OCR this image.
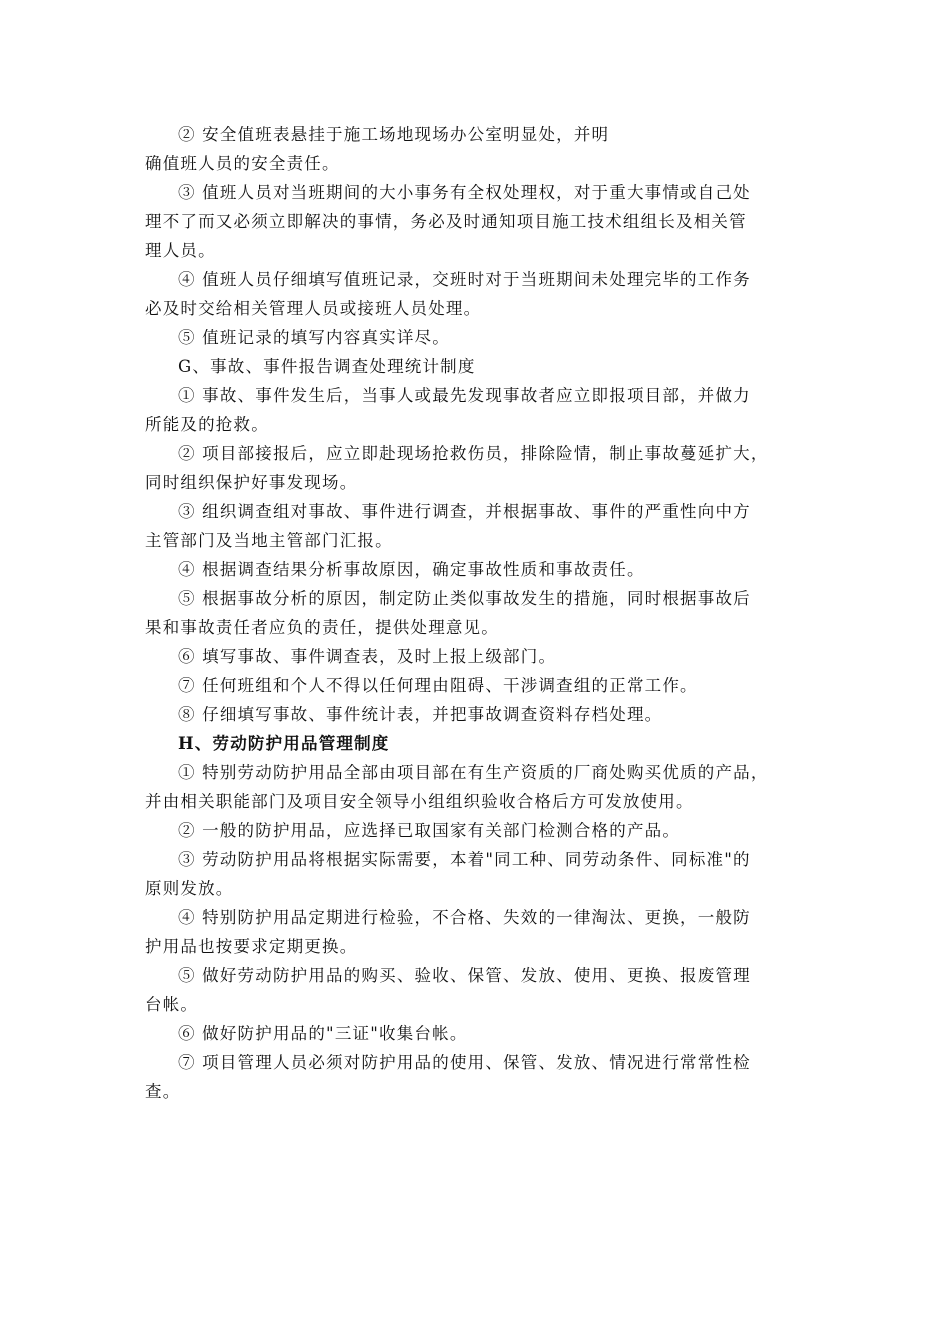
② 安全值班表悬挂于施工场地现场办公室明显处，并明
确值班人员的安全责任。
③ 值班人员对当班期间的大小事务有全权处理权，对于重大事情或自己处
理不了而又必须立即解决的事情，务必及时通知项目施工技术组组长及相关管
理人员。
④ 值班人员仔细填写值班记录，交班时对于当班期间未处理完毕的工作务
必及时交给相关管理人员或接班人员处理。
⑤ 值班记录的填写内容真实详尽。
G、事故、事件报告调查处理统计制度
① 事故、事件发生后，当事人或最先发现事故者应立即报项目部，并做力
所能及的抢救。
② 项目部接报后，应立即赴现场抢救伤员，排除险情，制止事故蔓延扩大，
同时组织保护好事发现场。
③ 组织调查组对事故、事件进行调查，并根据事故、事件的严重性向中方
主管部门及当地主管部门汇报。
④ 根据调查结果分析事故原因，确定事故性质和事故责任。
⑤ 根据事故分析的原因，制定防止类似事故发生的措施，同时根据事故后
果和事故责任者应负的责任，提供处理意见。
⑥ 填写事故、事件调查表，及时上报上级部门。
⑦ 任何班组和个人不得以任何理由阻碍、干涉调查组的正常工作。
⑧ 仔细填写事故、事件统计表，并把事故调查资料存档处理。
H、劳动防护用品管理制度
① 特别劳动防护用品全部由项目部在有生产资质的厂商处购买优质的产品，
并由相关职能部门及项目安全领导小组组织验收合格后方可发放使用。
② 一般的防护用品，应选择已取国家有关部门检测合格的产品。
③ 劳动防护用品将根据实际需要，本着"同工种、同劳动条件、同标准"的
原则发放。
④ 特别防护用品定期进行检验，不合格、失效的一律淘汰、更换，一般防
护用品也按要求定期更换。
⑤ 做好劳动防护用品的购买、验收、保管、发放、使用、更换、报废管理
台帐。
⑥ 做好防护用品的"三证"收集台帐。
⑦ 项目管理人员必须对防护用品的使用、保管、发放、情况进行常常性检
查。
